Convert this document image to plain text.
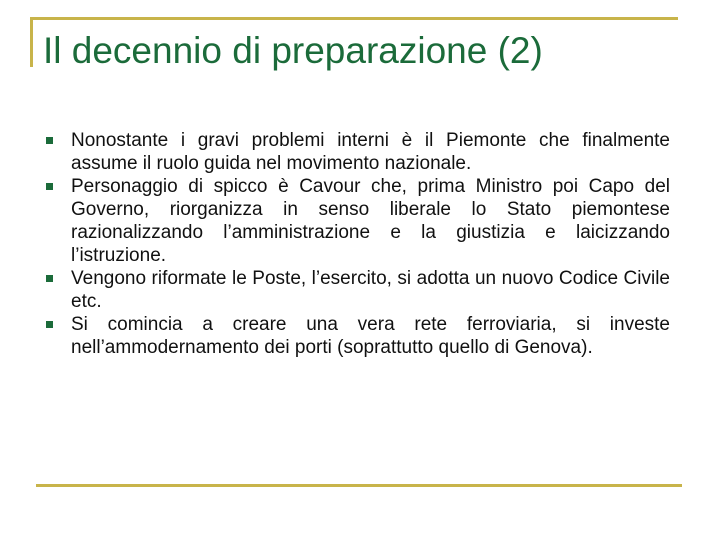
Il decennio di preparazione (2)
Nonostante i gravi problemi interni è il Piemonte che finalmente assume il ruolo guida nel movimento nazionale.
Personaggio di spicco è Cavour che, prima Ministro poi Capo del Governo, riorganizza in senso liberale lo Stato piemontese razionalizzando l’amministrazione e la giustizia e laicizzando l’istruzione.
Vengono riformate le Poste, l’esercito, si adotta un nuovo Codice Civile etc.
Si comincia a creare una vera rete ferroviaria, si investe nell’ammodernamento dei porti (soprattutto quello di Genova).
